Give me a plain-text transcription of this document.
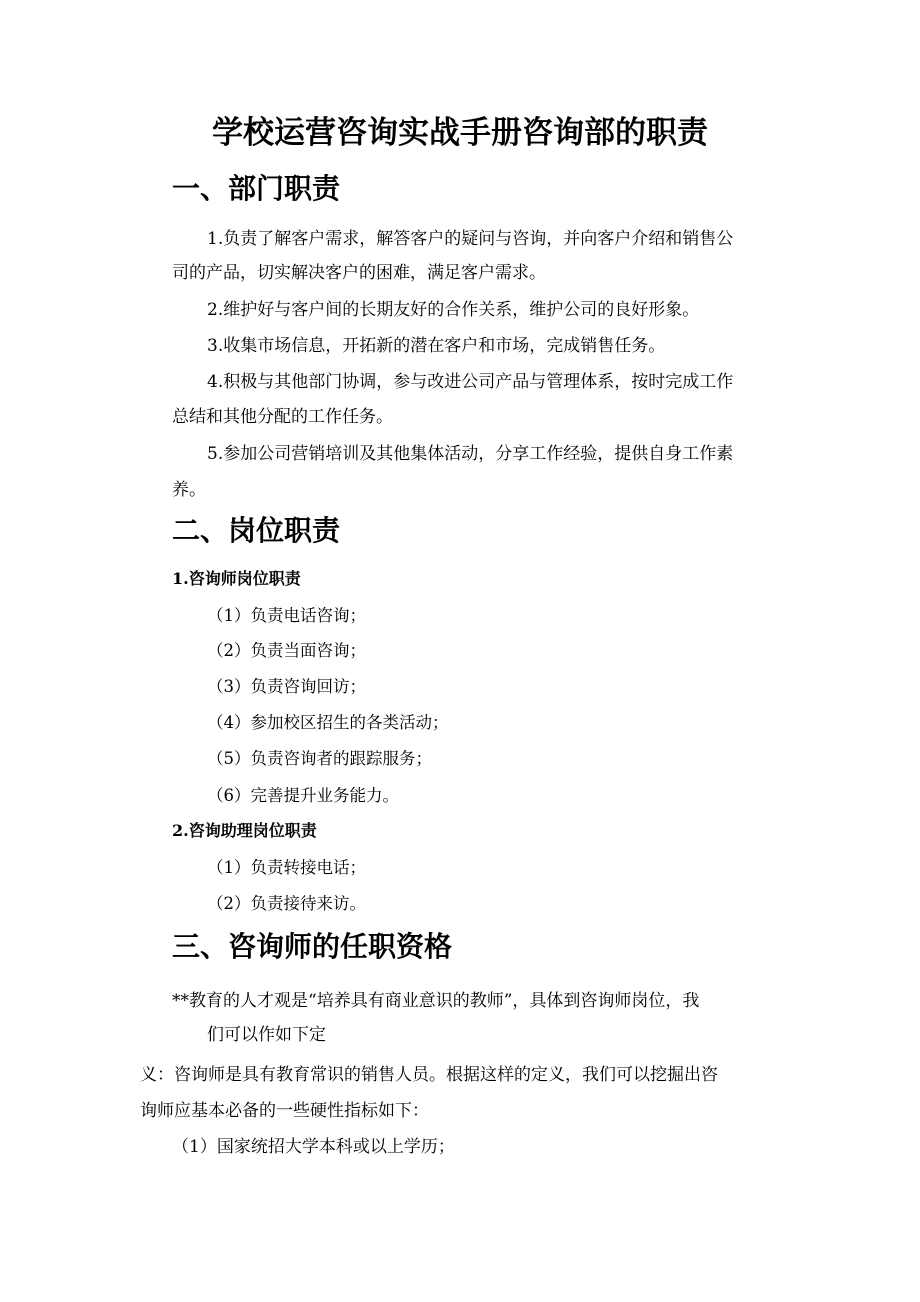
学校运营咨询实战手册咨询部的职责
一、部门职责

1.负责了解客户需求，解答客户的疑问与咨询，并向客户介绍和销售公

司的产品，切实解决客户的困难，满足客户需求。

2.维护好与客户间的长期友好的合作关系，维护公司的良好形象。

3.收集市场信息，开拓新的潜在客户和市场，完成销售任务。

4.积极与其他部门协调，参与改进公司产品与管理体系，按时完成工作

总结和其他分配的工作任务。

5.参加公司营销培训及其他集体活动，分享工作经验，提供自身工作素

养。

二、岗位职责
1.咨询师岗位职责

（1）负责电话咨询；

（2）负责当面咨询；

（3）负责咨询回访；

（4）参加校区招生的各类活动；

（5）负责咨询者的跟踪服务；

（6）完善提升业务能力。

2.咨询助理岗位职责

（1）负责转接电话；

（2）负责接待来访。

三、咨询师的任职资格

**教育的人才观是“培养具有商业意识的教师”，具体到咨询师岗位，我

们可以作如下定

义：咨询师是具有教育常识的销售人员。根据这样的定义，我们可以挖掘出咨

询师应基本必备的一些硬性指标如下：

（1）国家统招大学本科或以上学历；
